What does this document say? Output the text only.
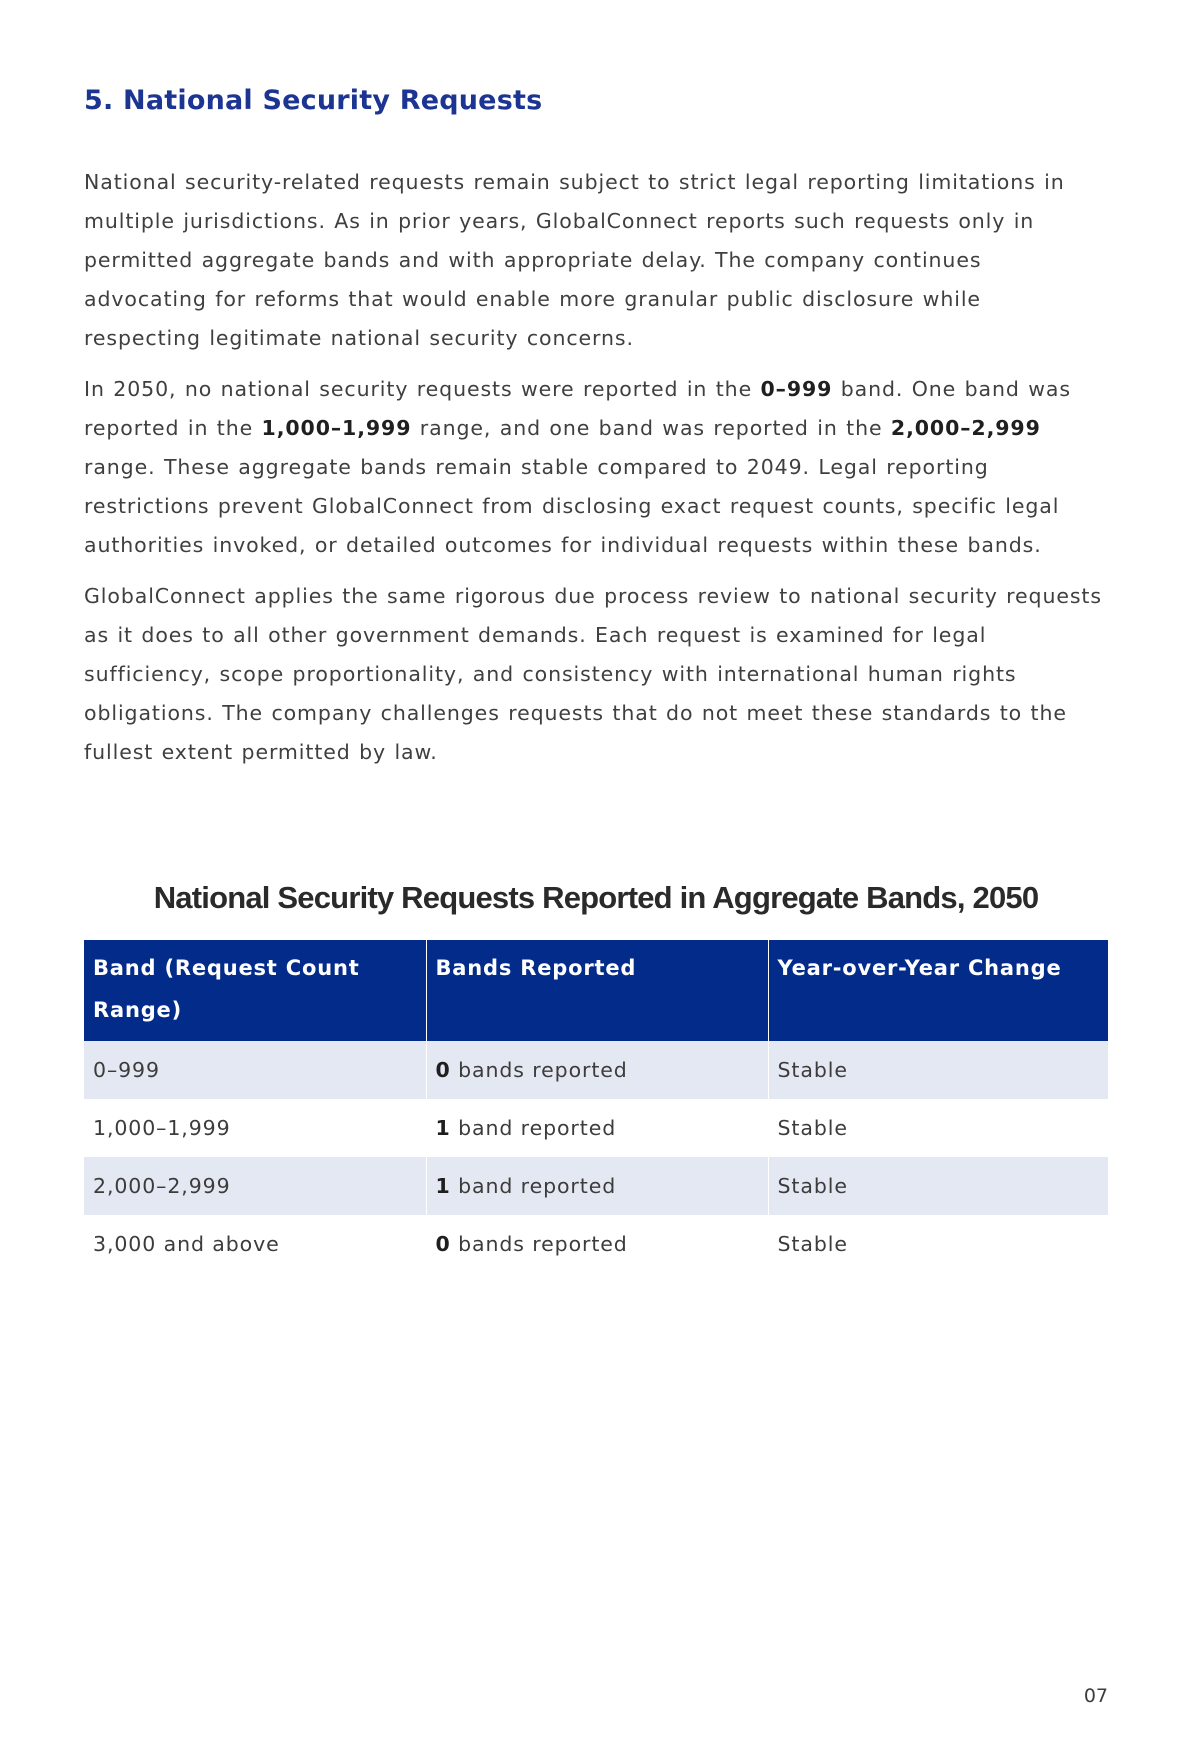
5. National Security Requests

National security-related requests remain subject to strict legal reporting limitations in multiple jurisdictions. As in prior years, GlobalConnect reports such requests only in permitted aggregate bands and with appropriate delay. The company continues advocating for reforms that would enable more granular public disclosure while respecting legitimate national security concerns.

In 2050, no national security requests were reported in the 0–999 band. One band was reported in the 1,000–1,999 range, and one band was reported in the 2,000–2,999 range. These aggregate bands remain stable compared to 2049. Legal reporting restrictions prevent GlobalConnect from disclosing exact request counts, specific legal authorities invoked, or detailed outcomes for individual requests within these bands.

GlobalConnect applies the same rigorous due process review to national security requests as it does to all other government demands. Each request is examined for legal sufficiency, scope proportionality, and consistency with international human rights obligations. The company challenges requests that do not meet these standards to the fullest extent permitted by law.

National Security Requests Reported in Aggregate Bands, 2050
Band (Request Count Range)	Bands Reported	Year-over-Year Change
0–999	0 bands reported	Stable
1,000–1,999	1 band reported	Stable
2,000–2,999	1 band reported	Stable
3,000 and above	0 bands reported	Stable
07
